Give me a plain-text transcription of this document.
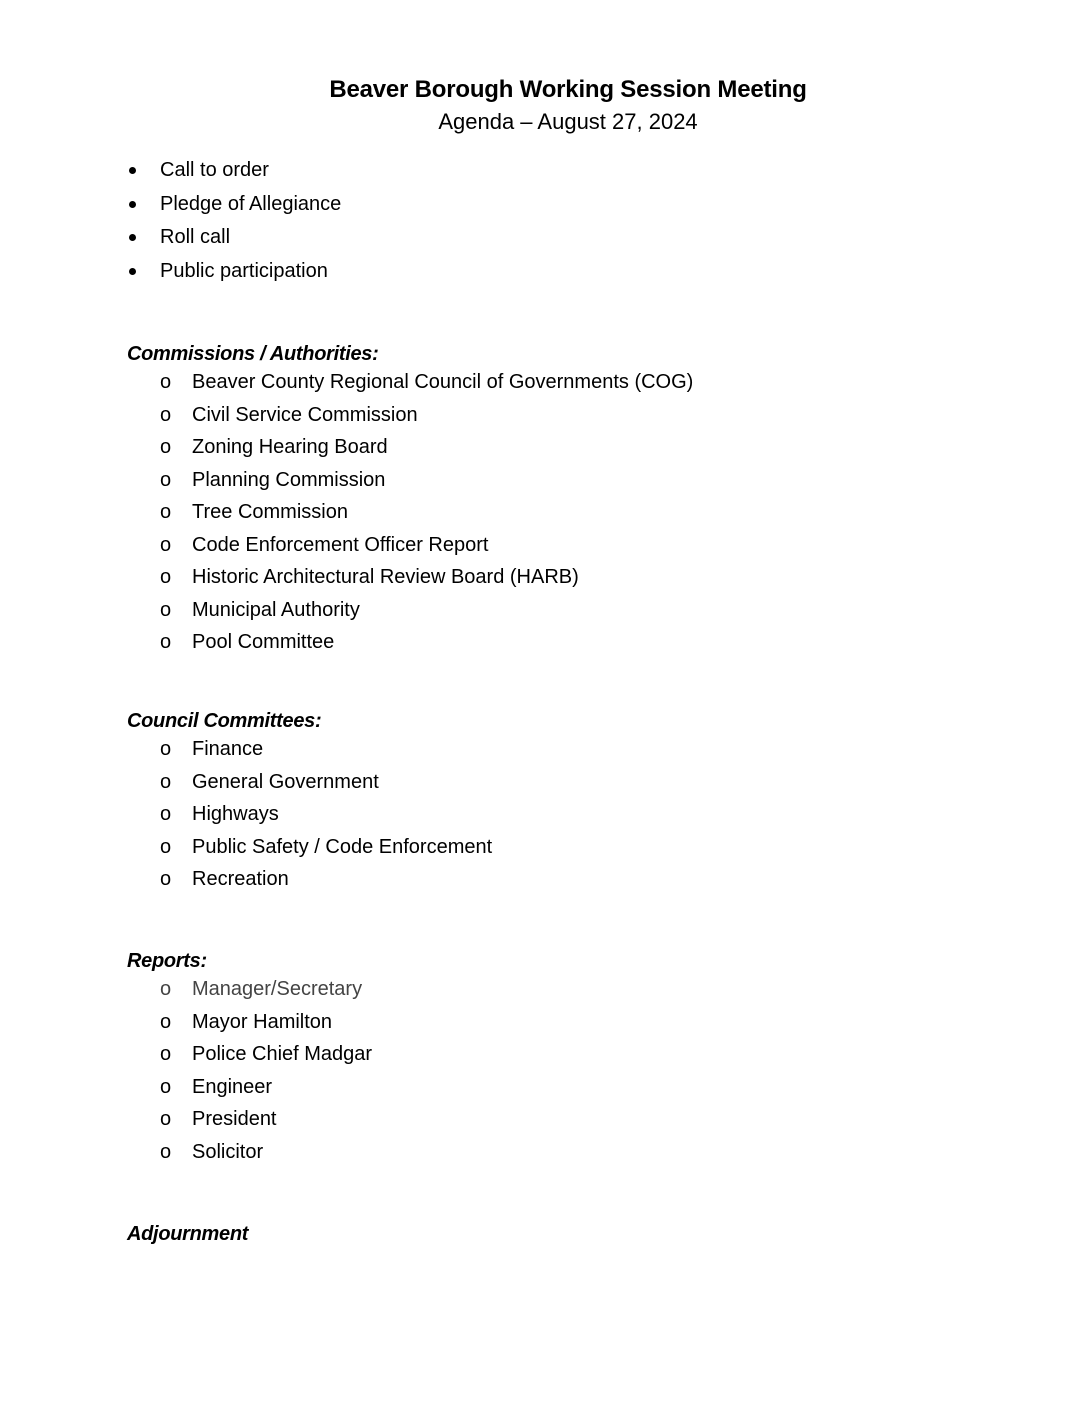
Beaver Borough Working Session Meeting
Agenda – August 27, 2024
Call to order
Pledge of Allegiance
Roll call
Public participation
Commissions / Authorities:
o Beaver County Regional Council of Governments (COG)
o Civil Service Commission
o Zoning Hearing Board
o Planning Commission
o Tree Commission
o Code Enforcement Officer Report
o Historic Architectural Review Board (HARB)
o Municipal Authority
o Pool Committee
Council Committees:
o Finance
o General Government
o Highways
o Public Safety / Code Enforcement
o Recreation
Reports:
o Manager/Secretary
o Mayor Hamilton
o Police Chief Madgar
o Engineer
o President
o Solicitor
Adjournment
